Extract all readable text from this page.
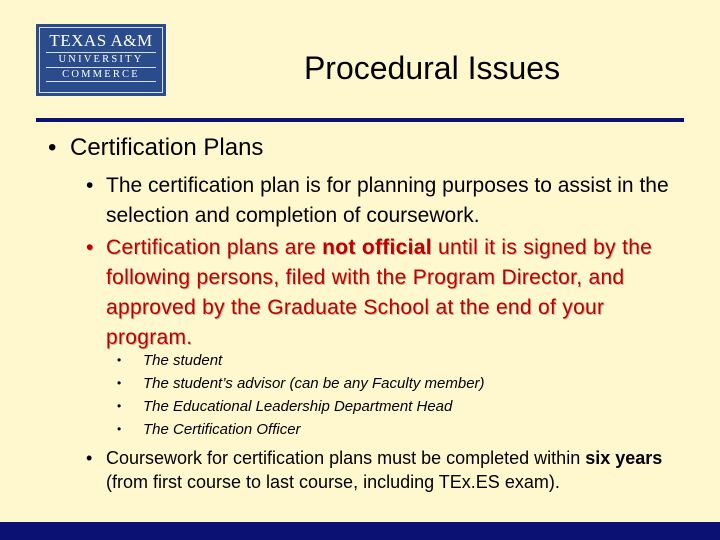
TEXAS A&M
UNIVERSITY
COMMERCE	Procedural Issues
• Certification Plans
• The certification plan is for planning purposes to assist in the selection and completion of coursework.
• Certification plans are not official until it is signed by the following persons, filed with the Program Director, and approved by the Graduate School at the end of your program.
• The student
• The student’s advisor (can be any Faculty member)
• The Educational Leadership Department Head
• The Certification Officer
• Coursework for certification plans must be completed within six years (from first course to last course, including TEx.ES exam).
